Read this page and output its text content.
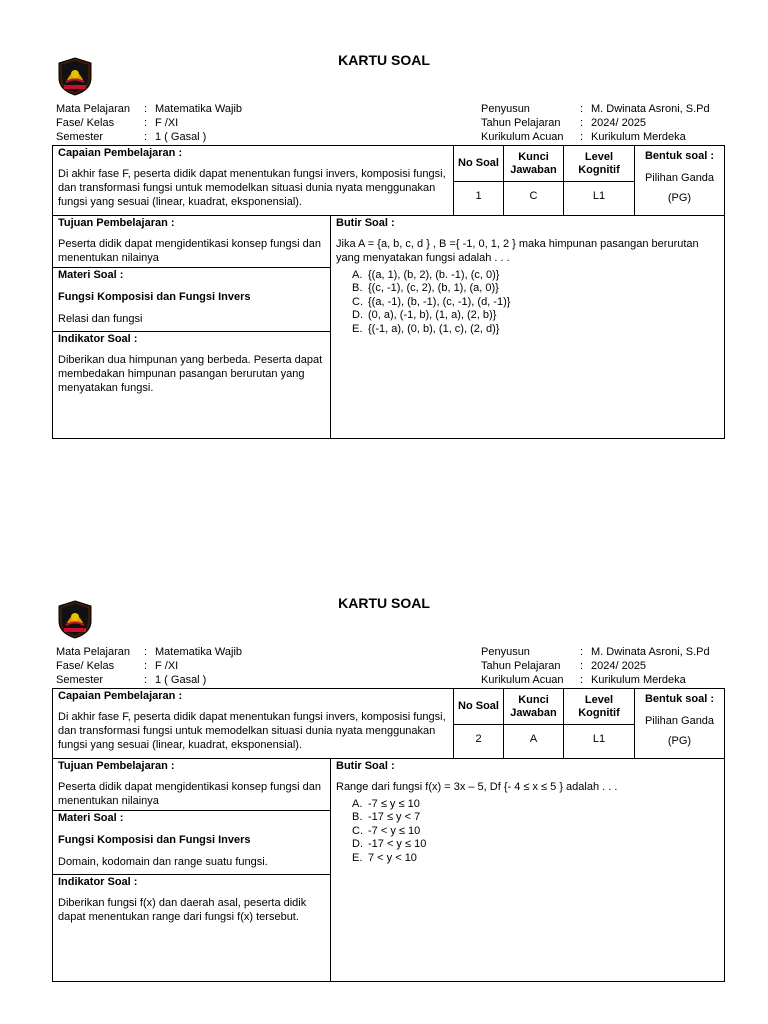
KARTU SOAL
Mata Pelajaran	: Matematika Wajib
Fase/ Kelas	: F /XI
Semester	: 1 ( Gasal )
Penyusun	: M. Dwinata Asroni, S.Pd
Tahun Pelajaran	: 2024/ 2025
Kurikulum Acuan	: Kurikulum Merdeka
Capaian Pembelajaran :
Di akhir fase F, peserta didik dapat menentukan fungsi invers, komposisi fungsi, dan transformasi fungsi untuk memodelkan situasi dunia nyata menggunakan fungsi yang sesuai (linear, kuadrat, eksponensial).
No Soal
Kunci Jawaban
Level Kognitif
Bentuk soal :
Pilihan Ganda
(PG)
1	C	L1
Tujuan Pembelajaran :
Peserta didik dapat mengidentikasi konsep fungsi dan menentukan nilainya
Materi Soal :
Fungsi Komposisi dan Fungsi Invers
Relasi dan fungsi
Indikator Soal :
Diberikan dua himpunan yang berbeda. Peserta dapat membedakan himpunan pasangan berurutan yang menyatakan fungsi.
Butir Soal :
Jika A = {a, b, c, d } , B ={ -1, 0, 1, 2 } maka himpunan pasangan berurutan yang menyatakan fungsi adalah . . .
A. {(a, 1), (b, 2), (b. -1), (c, 0)}
B. {(c, -1), (c, 2), (b, 1), (a, 0)}
C. {(a, -1), (b, -1), (c, -1), (d, -1)}
D. (0, a), (-1, b), (1, a), (2, b)}
E. {(-1, a), (0, b), (1, c), (2, d)}
KARTU SOAL
Mata Pelajaran	: Matematika Wajib
Fase/ Kelas	: F /XI
Semester	: 1 ( Gasal )
Penyusun	: M. Dwinata Asroni, S.Pd
Tahun Pelajaran	: 2024/ 2025
Kurikulum Acuan	: Kurikulum Merdeka
Capaian Pembelajaran :
Di akhir fase F, peserta didik dapat menentukan fungsi invers, komposisi fungsi, dan transformasi fungsi untuk memodelkan situasi dunia nyata menggunakan fungsi yang sesuai (linear, kuadrat, eksponensial).
No Soal
Kunci Jawaban
Level Kognitif
Bentuk soal :
Pilihan Ganda
(PG)
2	A	L1
Tujuan Pembelajaran :
Peserta didik dapat mengidentikasi konsep fungsi dan menentukan nilainya
Materi Soal :
Fungsi Komposisi dan Fungsi Invers
Domain, kodomain dan range suatu fungsi.
Indikator Soal :
Diberikan fungsi f(x) dan daerah asal, peserta didik dapat menentukan range dari fungsi f(x) tersebut.
Butir Soal :
Range dari fungsi f(x) = 3x – 5, Df {- 4 ≤ x ≤ 5 } adalah . . .
A. -7 ≤ y ≤ 10
B. -17 ≤ y < 7
C. -7 < y ≤ 10
D. -17 < y ≤ 10
E. 7 < y < 10
